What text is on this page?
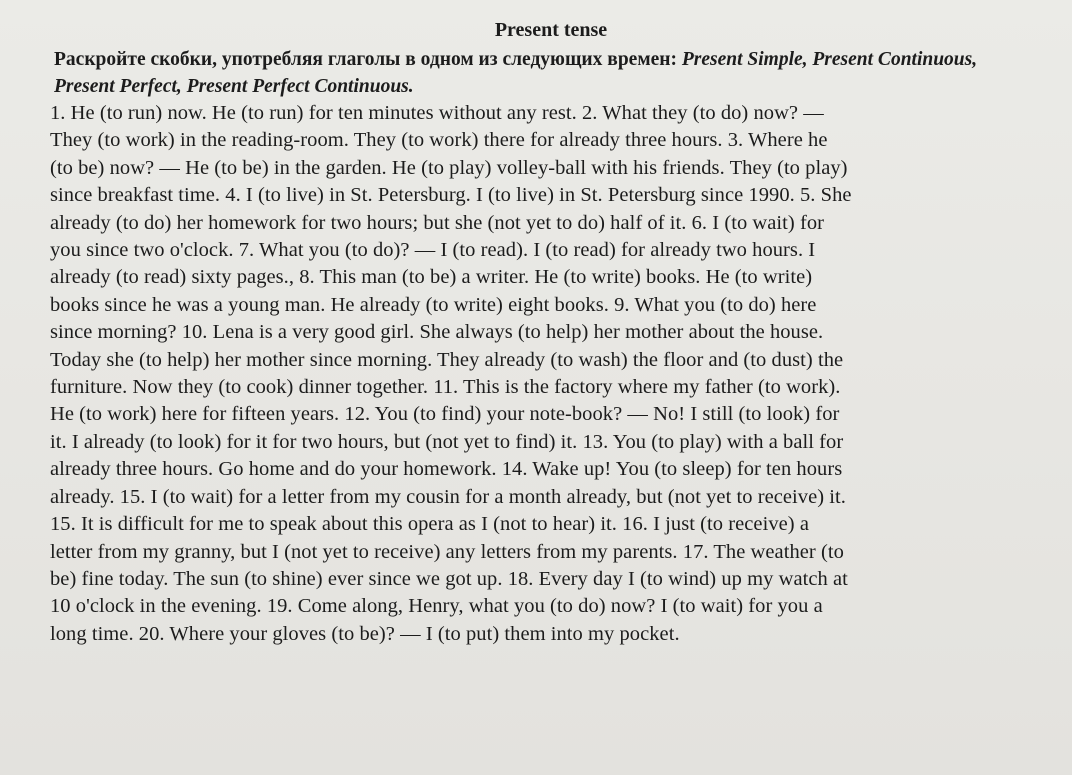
Present tense

Раскройте скобки, употребляя глаголы в одном из следующих времен: Present Simple, Present Continuous, Present Perfect, Present Perfect Continuous.

1. He (to run) now. He (to run) for ten minutes without any rest. 2. What they (to do) now? —
They (to work) in the reading-room. They (to work) there for already three hours. 3. Where he
(to be) now? — He (to be) in the garden. He (to play) volley-ball with his friends. They (to play)
since breakfast time. 4. I (to live) in St. Petersburg. I (to live) in St. Petersburg since 1990. 5. She
already (to do) her homework for two hours; but she (not yet to do) half of it. 6. I (to wait) for
you since two o'clock. 7. What you (to do)? — I (to read). I (to read) for already two hours. I
already (to read) sixty pages., 8. This man (to be) a writer. He (to write) books. He (to write)
books since he was a young man. He already (to write) eight books. 9. What you (to do) here
since morning? 10. Lena is a very good girl. She always (to help) her mother about the house.
Today she (to help) her mother since morning. They already (to wash) the floor and (to dust) the
furniture. Now they (to cook) dinner together. 11. This is the factory where my father (to work).
He (to work) here for fifteen years. 12. You (to find) your note-book? — No! I still (to look) for
it. I already (to look) for it for two hours, but (not yet to find) it. 13. You (to play) with a ball for
already three hours. Go home and do your homework. 14. Wake up! You (to sleep) for ten hours
already. 15. I (to wait) for a letter from my cousin for a month already, but (not yet to receive) it.
15. It is difficult for me to speak about this opera as I (not to hear) it. 16. I just (to receive) a
letter from my granny, but I (not yet to receive) any letters from my parents. 17. The weather (to
be) fine today. The sun (to shine) ever since we got up. 18. Every day I (to wind) up my watch at
10 o'clock in the evening. 19. Come along, Henry, what you (to do) now? I (to wait) for you a
long time. 20. Where your gloves (to be)? — I (to put) them into my pocket.
